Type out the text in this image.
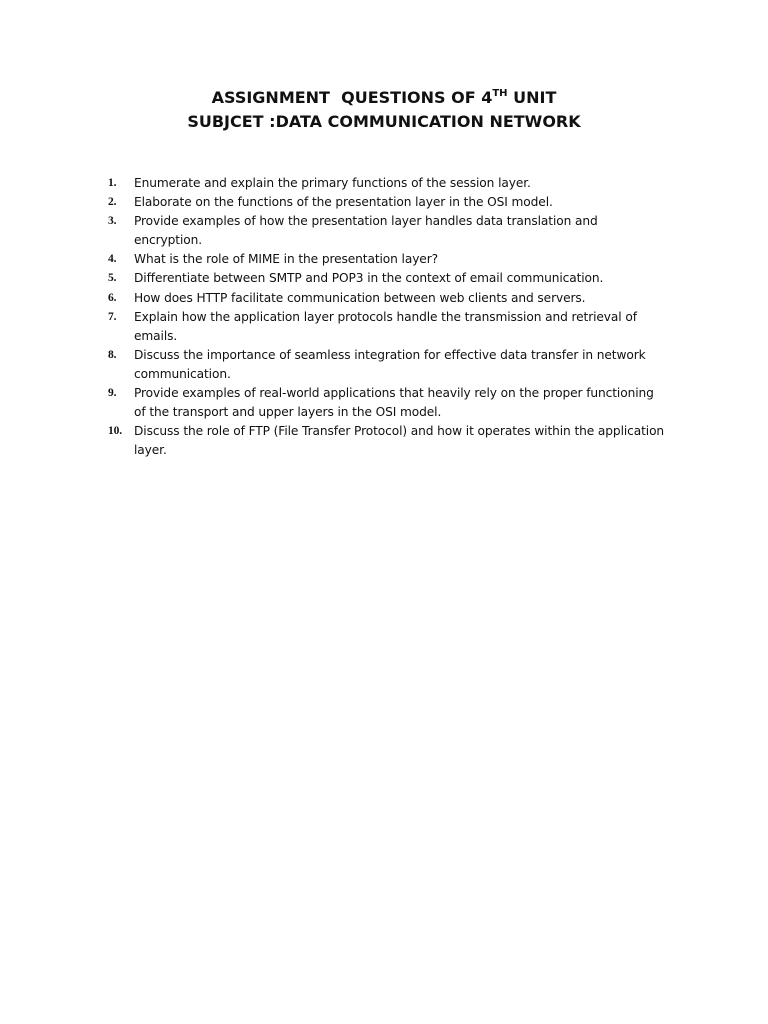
ASSIGNMENT QUESTIONS OF 4TH UNIT
SUBJCET :DATA COMMUNICATION NETWORK
1. Enumerate and explain the primary functions of the session layer.
2. Elaborate on the functions of the presentation layer in the OSI model.
3. Provide examples of how the presentation layer handles data translation and encryption.
4. What is the role of MIME in the presentation layer?
5. Differentiate between SMTP and POP3 in the context of email communication.
6. How does HTTP facilitate communication between web clients and servers.
7. Explain how the application layer protocols handle the transmission and retrieval of emails.
8. Discuss the importance of seamless integration for effective data transfer in network communication.
9. Provide examples of real-world applications that heavily rely on the proper functioning of the transport and upper layers in the OSI model.
10. Discuss the role of FTP (File Transfer Protocol) and how it operates within the application layer.
